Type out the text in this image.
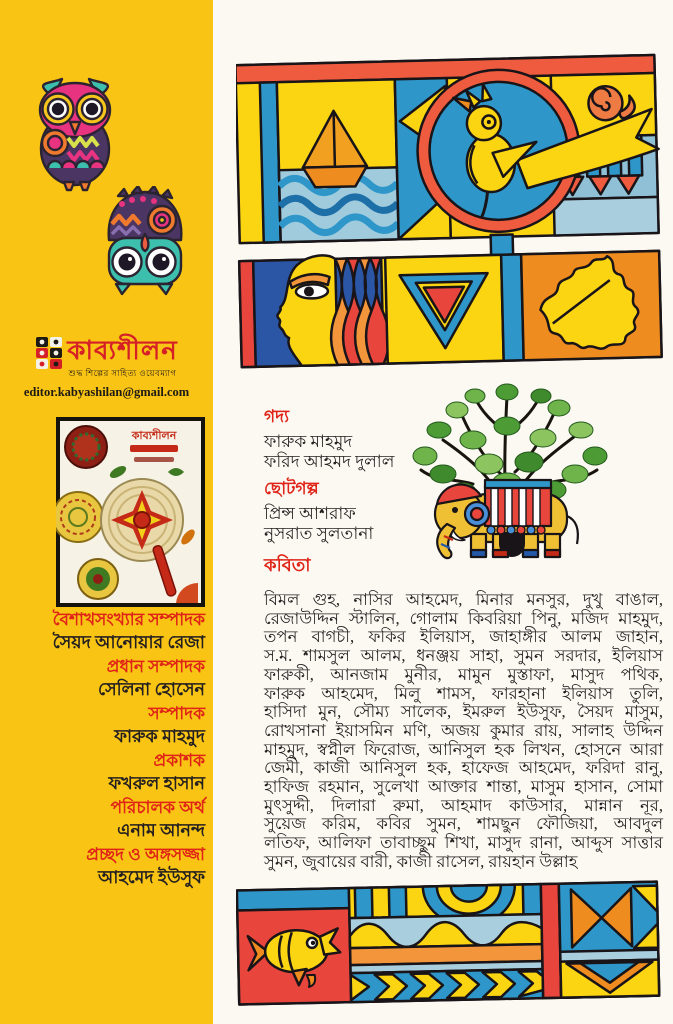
কাব্যশীলন
শুদ্ধ শিল্পের সাহিত্য ওয়েবম্যাগ
editor.kabyashilan@gmail.com
কাব্যশীলন
বৈশাখসংখ্যার সম্পাদক
সৈয়দ আনোয়ার রেজা
প্রধান সম্পাদক
সেলিনা হোসেন
সম্পাদক
ফারুক মাহমুদ
প্রকাশক
ফখরুল হাসান
পরিচালক অর্থ
এনাম আনন্দ
প্রচ্ছদ ও অঙ্গসজ্জা
আহমেদ ইউসুফ
গদ্য
ফারুক মাহমুদ
ফরিদ আহমদ দুলাল
ছোটগল্প
প্রিন্স আশরাফ
নুসরাত সুলতানা
কবিতা
বিমল গুহ, নাসির আহমেদ, মিনার মনসুর, দুখু বাঙাল,
রেজাউদ্দিন স্টালিন, গোলাম কিবরিয়া পিনু, মজিদ মাহমুদ,
তপন বাগচী, ফকির ইলিয়াস, জাহাঙ্গীর আলম জাহান,
স.ম. শামসুল আলম, ধনঞ্জয় সাহা, সুমন সরদার, ইলিয়াস
ফারুকী, আনজাম মুনীর, মামুন মুস্তাফা, মাসুদ পথিক,
ফারুক আহমেদ, মিলু শামস, ফারহানা ইলিয়াস তুলি,
হাসিদা মুন, সৌম্য সালেক, ইমরুল ইউসুফ, সৈয়দ মাসুম,
রোখসানা ইয়াসমিন মণি, অজয় কুমার রায়, সালাহ উদ্দিন
মাহমুদ, স্বপ্নীল ফিরোজ, আনিসুল হক লিখন, হোসনে আরা
জেমী, কাজী আনিসুল হক, হাফেজ আহমেদ, ফরিদা রানু,
হাফিজ রহমান, সুলেখা আক্তার শান্তা, মাসুম হাসান, সোমা
মুৎসুদ্দী, দিলারা রুমা, আহমাদ কাউসার, মান্নান নূর,
সুয়েজ করিম, কবির সুমন, শামছুন ফৌজিয়া, আবদুল
লতিফ, আলিফা তাবাচ্ছুম শিখা, মাসুদ রানা, আব্দুস সাত্তার
সুমন, জুবায়ের বারী, কাজী রাসেল, রায়হান উল্লাহ
